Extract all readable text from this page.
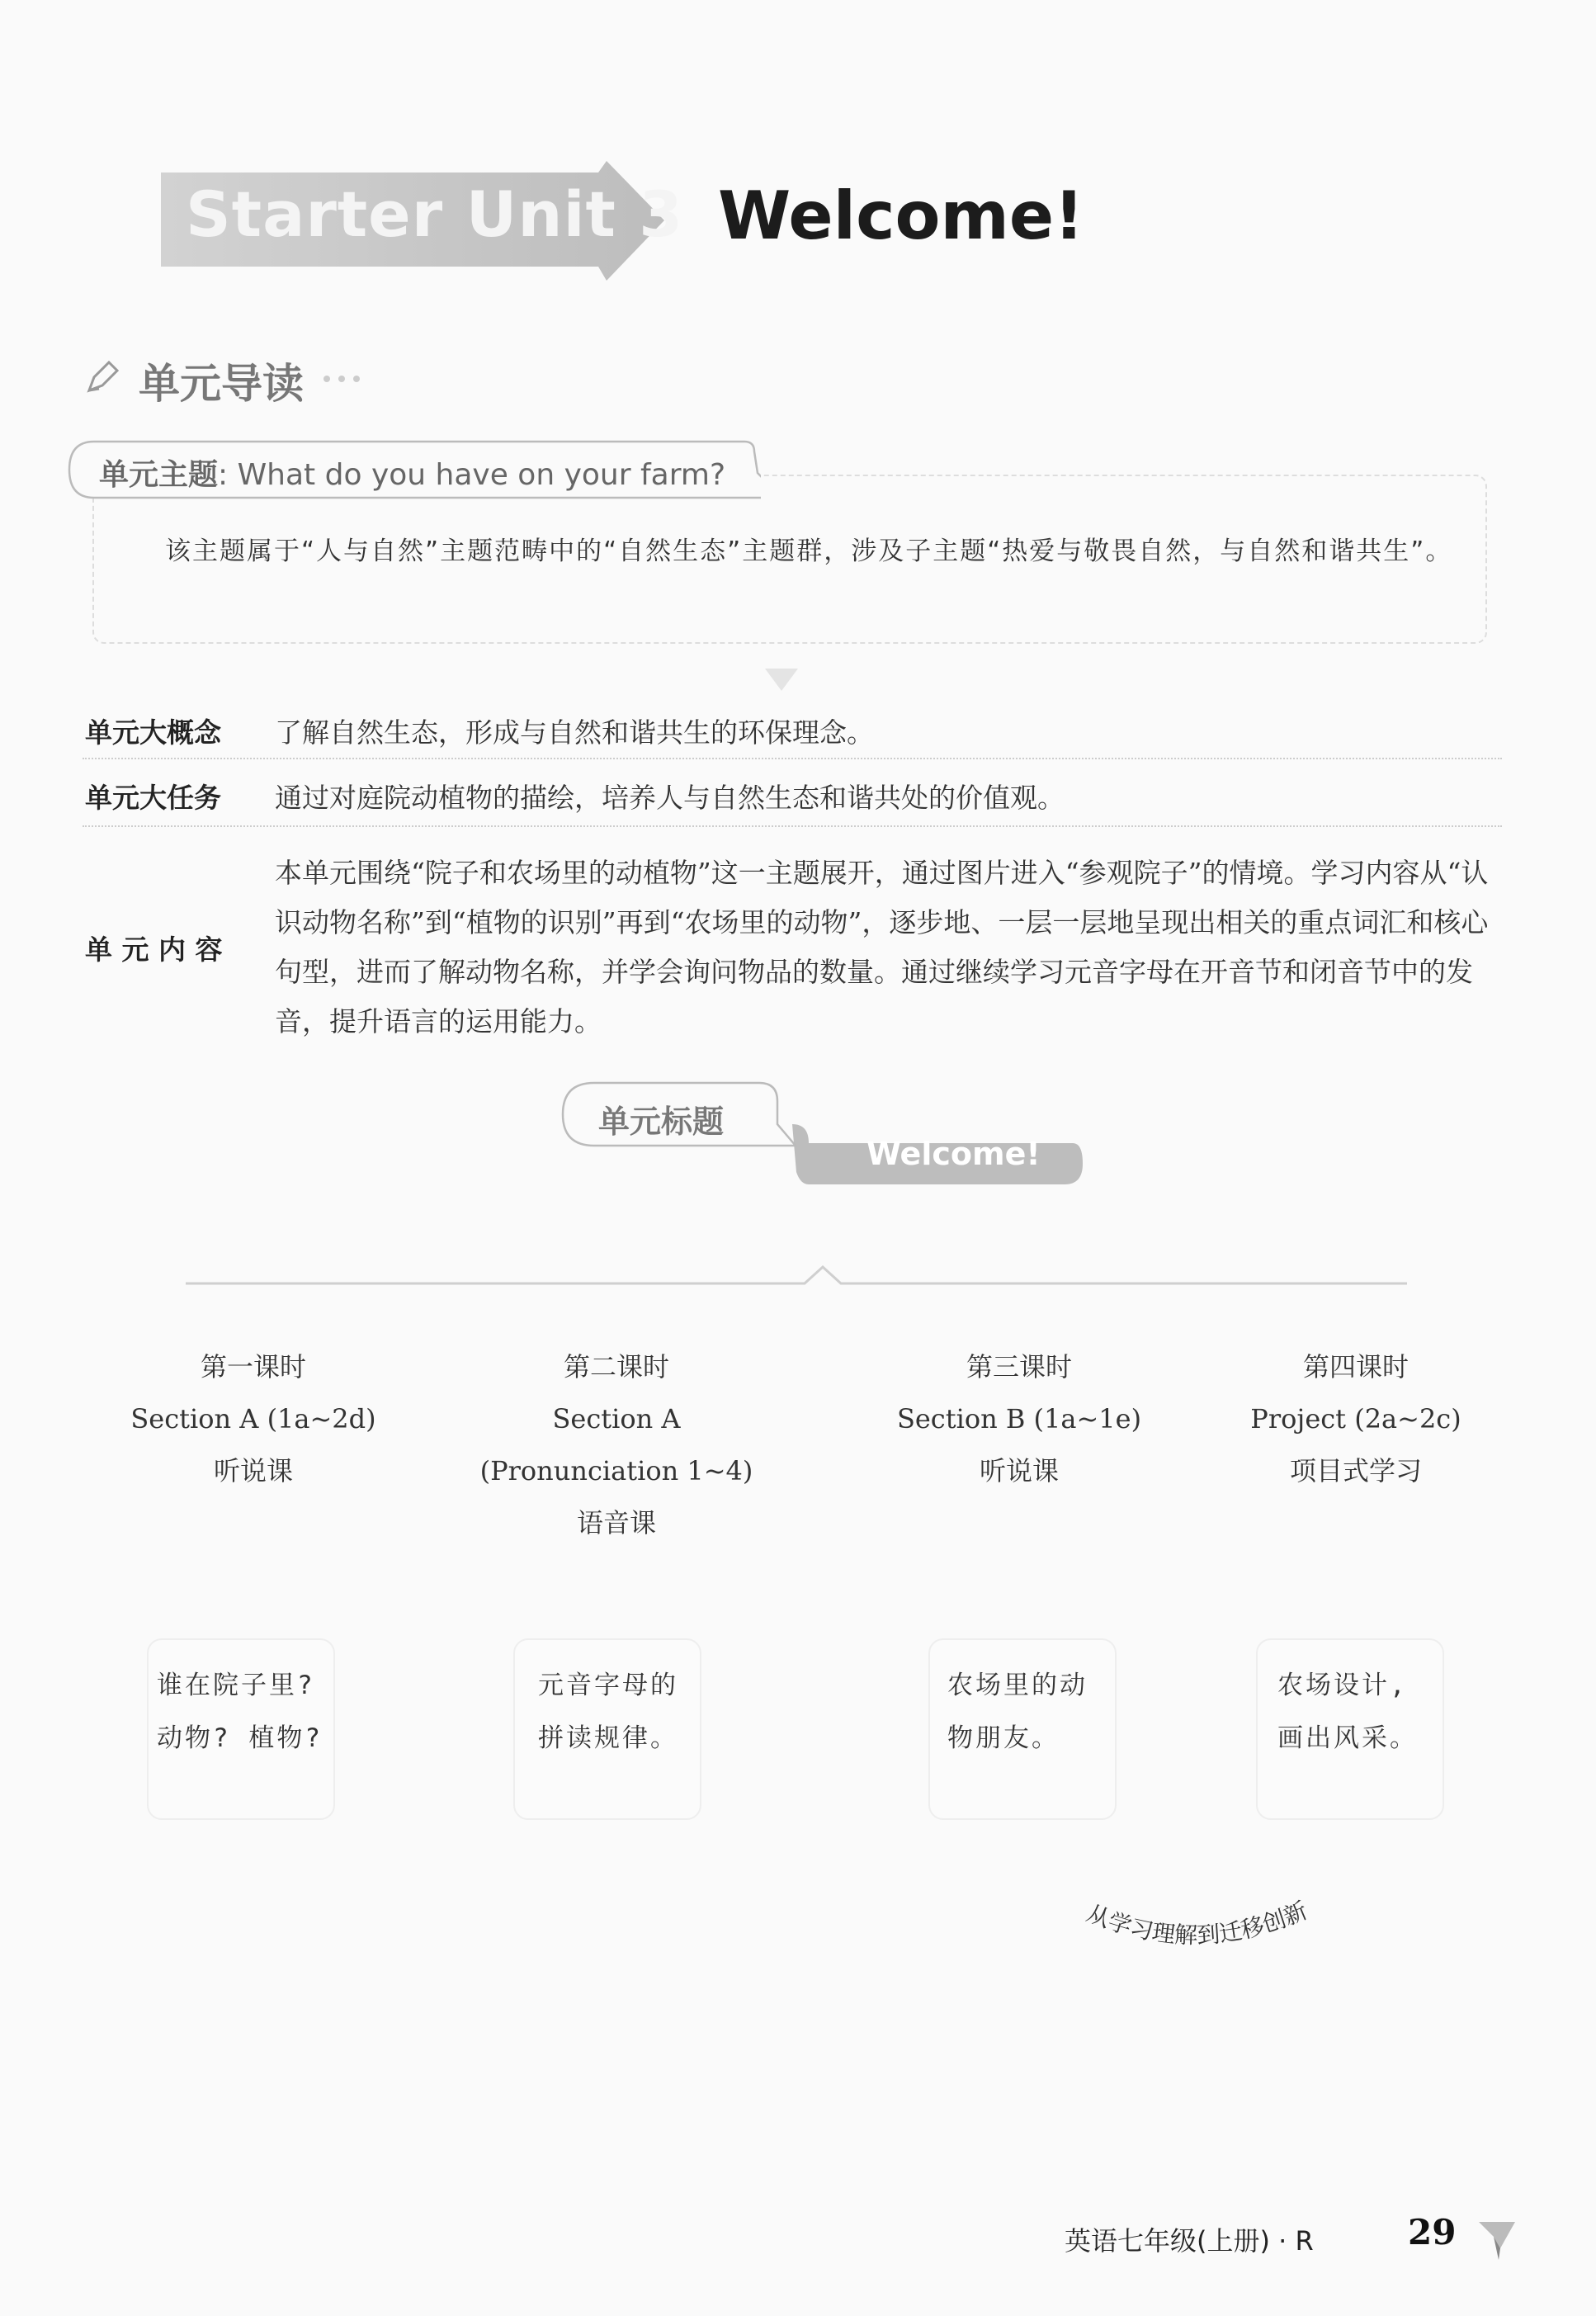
Starter Unit 3 Welcome!
单元导读
单元主题: What do you have on your farm?
该主题属于“人与自然”主题范畴中的“自然生态”主题群，涉及子主题“热爱与敬畏自然，与自然和谐共生”。
单元大概念 了解自然生态，形成与自然和谐共生的环保理念。
单元大任务 通过对庭院动植物的描绘，培养人与自然生态和谐共处的价值观。
单 元 内 容
本单元围绕“院子和农场里的动植物”这一主题展开，通过图片进入“参观院子”的情境。学习内容从“认识动物名称”到“植物的识别”再到“农场里的动物”，逐步地、一层一层地呈现出相关的重点词汇和核心句型，进而了解动物名称，并学会询问物品的数量。通过继续学习元音字母在开音节和闭音节中的发音，提升语言的运用能力。
单元标题
Welcome!
第一课时
Section A (1a~2d)
听说课
第二课时
Section A
(Pronunciation 1~4)
语音课
第三课时
Section B (1a~1e)
听说课
第四课时
Project (2a~2c)
项目式学习
谁在院子里?
动物? 植物?
元音字母的
拼读规律。
农场里的动
物朋友。
农场设计,
画出风采。
从学习理解到迁移创新
英语七年级(上册) · R	29
